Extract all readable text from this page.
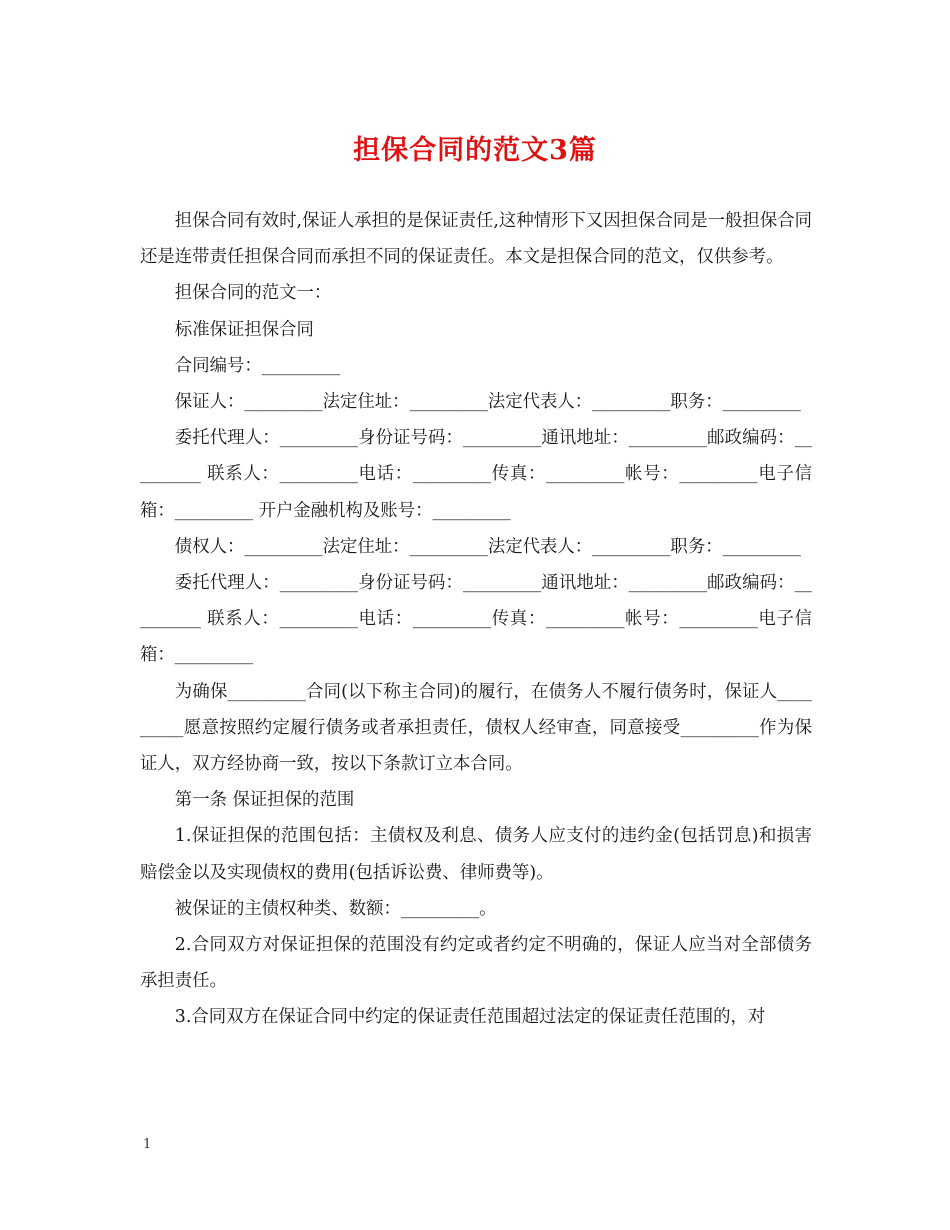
担保合同的范文3篇

担保合同有效时,保证人承担的是保证责任,这种情形下又因担保合同是一般担保合同还是连带责任担保合同而承担不同的保证责任。本文是担保合同的范文，仅供参考。

担保合同的范文一：

标准保证担保合同

合同编号：_________

保证人：_________法定住址：_________法定代表人：_________职务：_________

委托代理人：_________身份证号码：_________通讯地址：_________邮政编码：_________ 联系人：_________电话：_________传真：_________帐号：_________电子信箱：_________ 开户金融机构及账号：_________

债权人：_________法定住址：_________法定代表人：_________职务：_________

委托代理人：_________身份证号码：_________通讯地址：_________邮政编码：_________ 联系人：_________电话：_________传真：_________帐号：_________电子信箱：_________

为确保_________合同(以下称主合同)的履行，在债务人不履行债务时，保证人_________愿意按照约定履行债务或者承担责任，债权人经审查，同意接受_________作为保证人，双方经协商一致，按以下条款订立本合同。

第一条 保证担保的范围

1.保证担保的范围包括：主债权及利息、债务人应支付的违约金(包括罚息)和损害赔偿金以及实现债权的费用(包括诉讼费、律师费等)。

被保证的主债权种类、数额：_________。

2.合同双方对保证担保的范围没有约定或者约定不明确的，保证人应当对全部债务承担责任。

3.合同双方在保证合同中约定的保证责任范围超过法定的保证责任范围的，对

1
